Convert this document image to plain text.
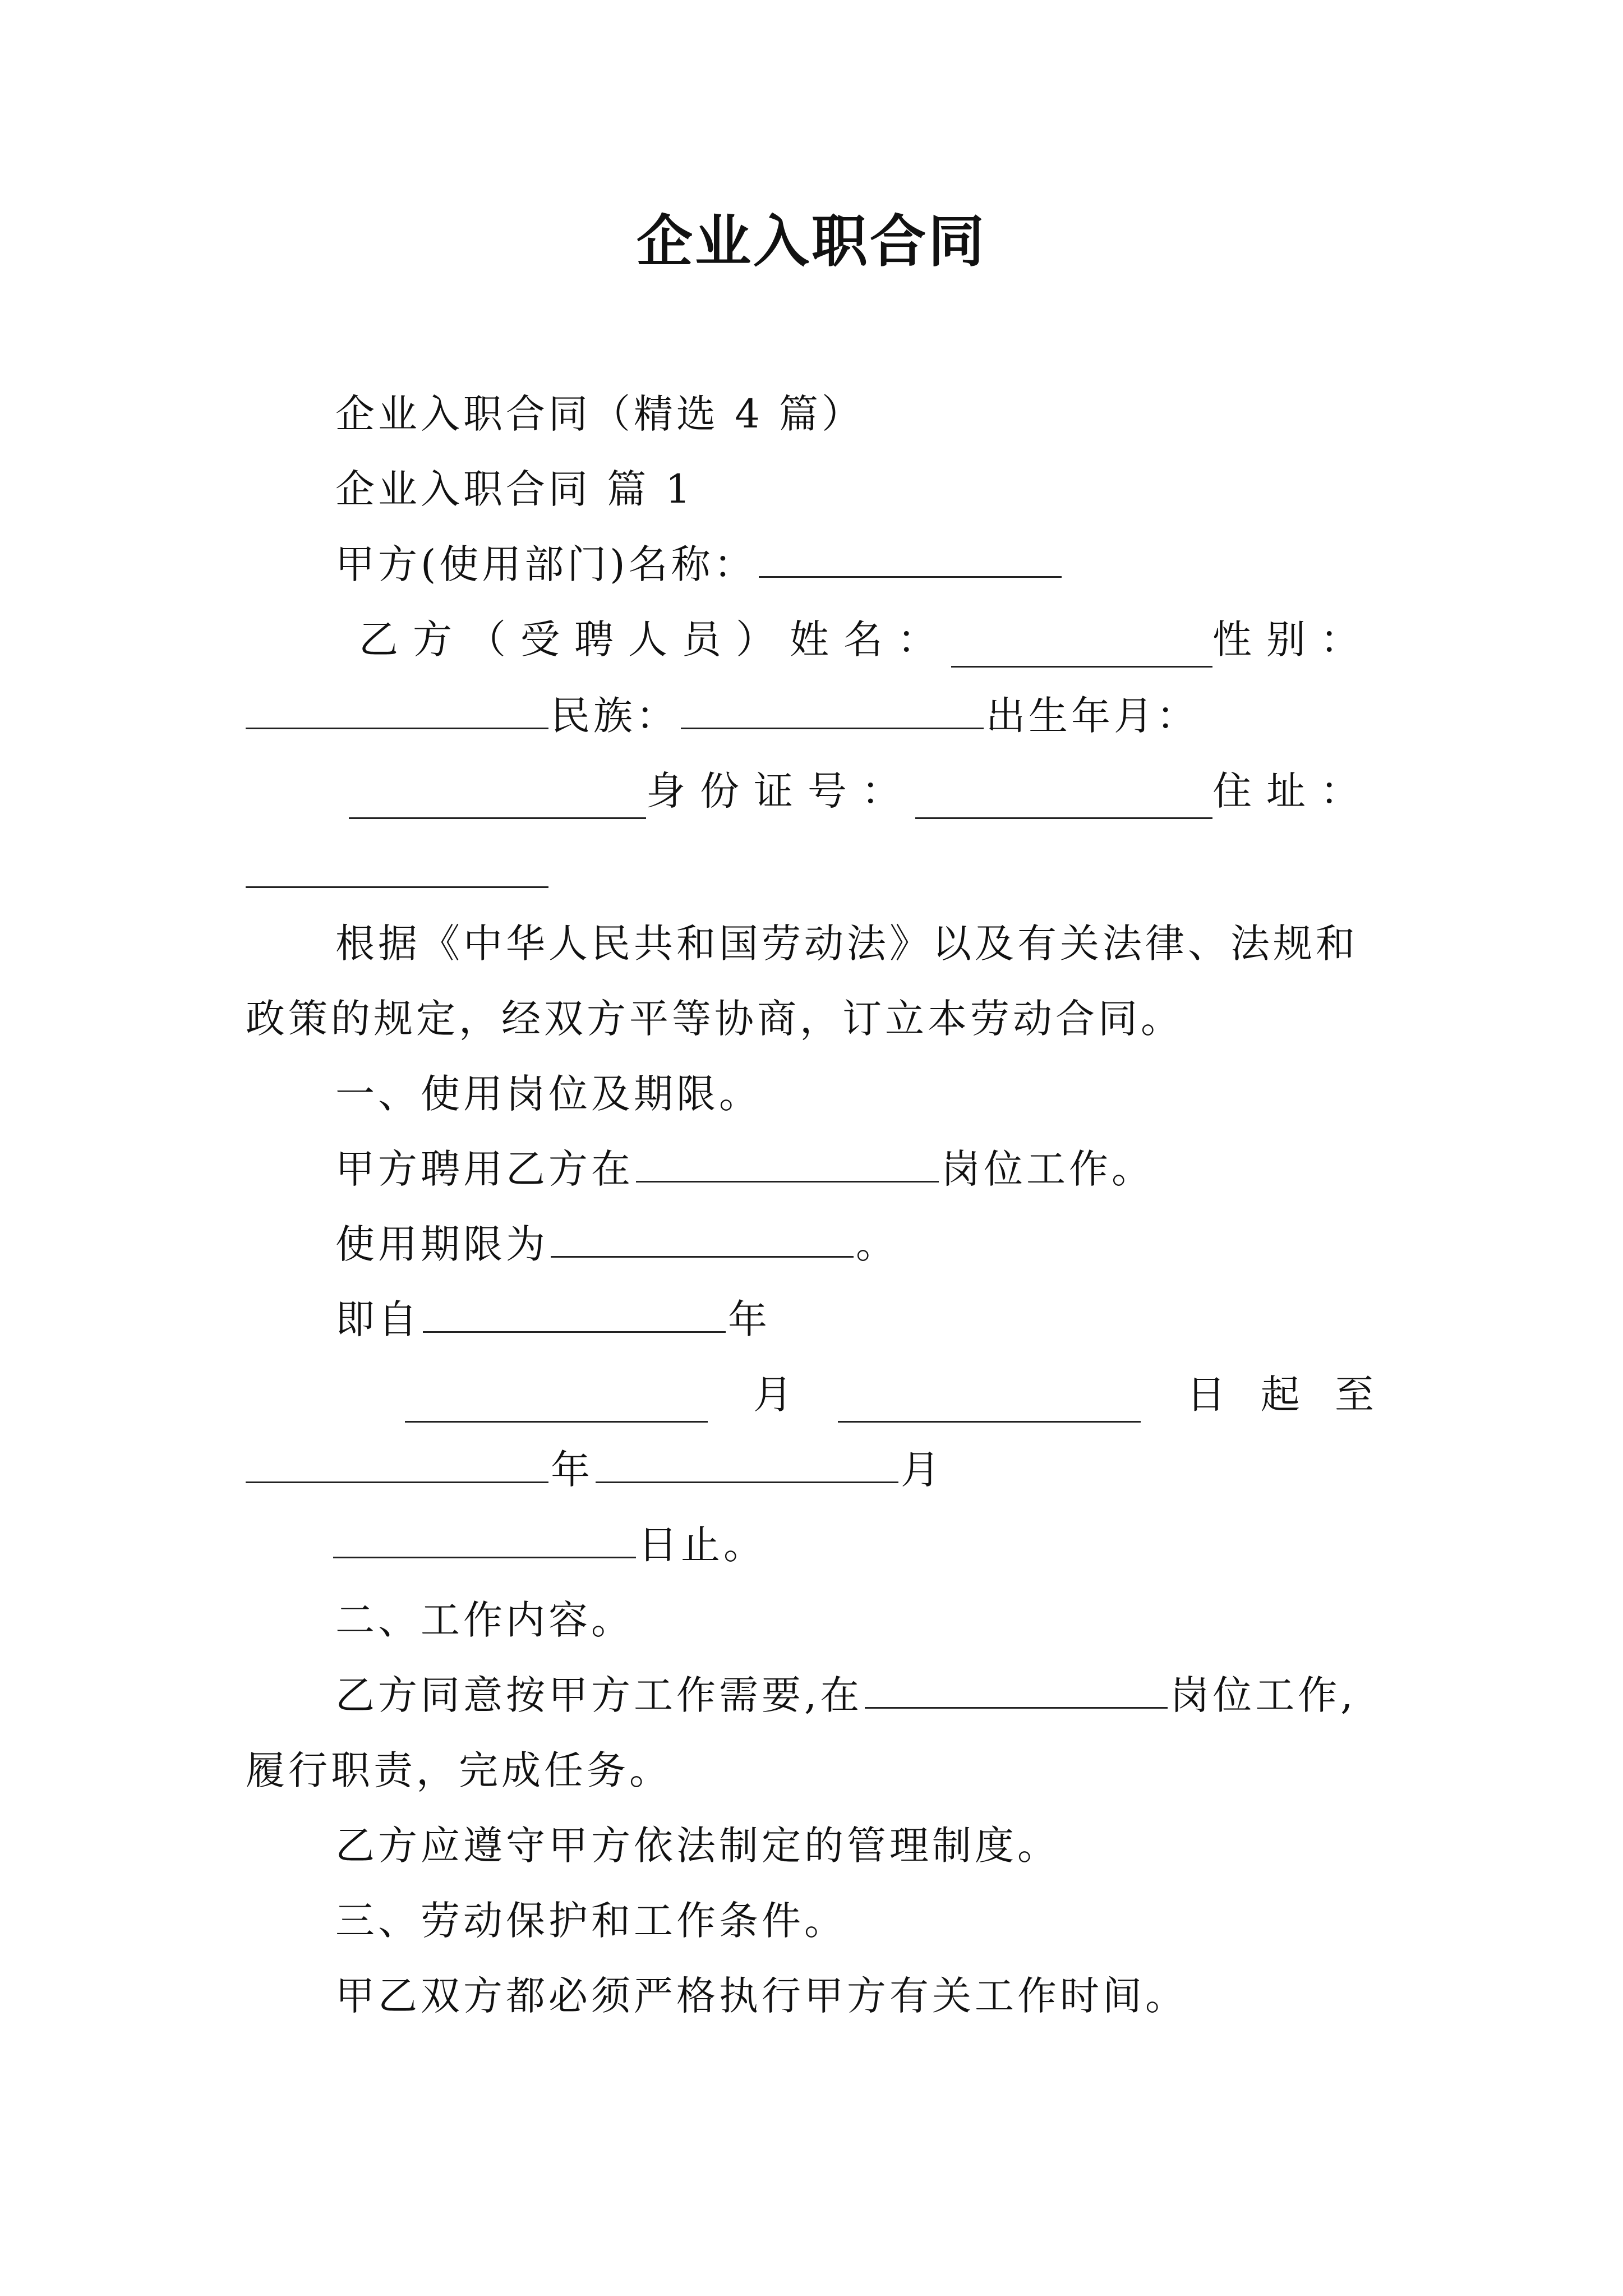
企业入职合同
企业入职合同（精选 4 篇）
企业入职合同 篇 1
甲方(使用部门)名称：
乙方（受聘人员）姓名：	性别：
民族：	出生年月：
身份证号：	住址：
根据《中华人民共和国劳动法》以及有关法律、法规和
政策的规定，经双方平等协商，订立本劳动合同。
一、使用岗位及期限。
甲方聘用乙方在	岗位工作。
使用期限为	。
即自	年
月	日 起 至
年	月
日止。
二、工作内容。
乙方同意按甲方工作需要,在	岗位工作,
履行职责，完成任务。
乙方应遵守甲方依法制定的管理制度。
三、劳动保护和工作条件。
甲乙双方都必须严格执行甲方有关工作时间。
